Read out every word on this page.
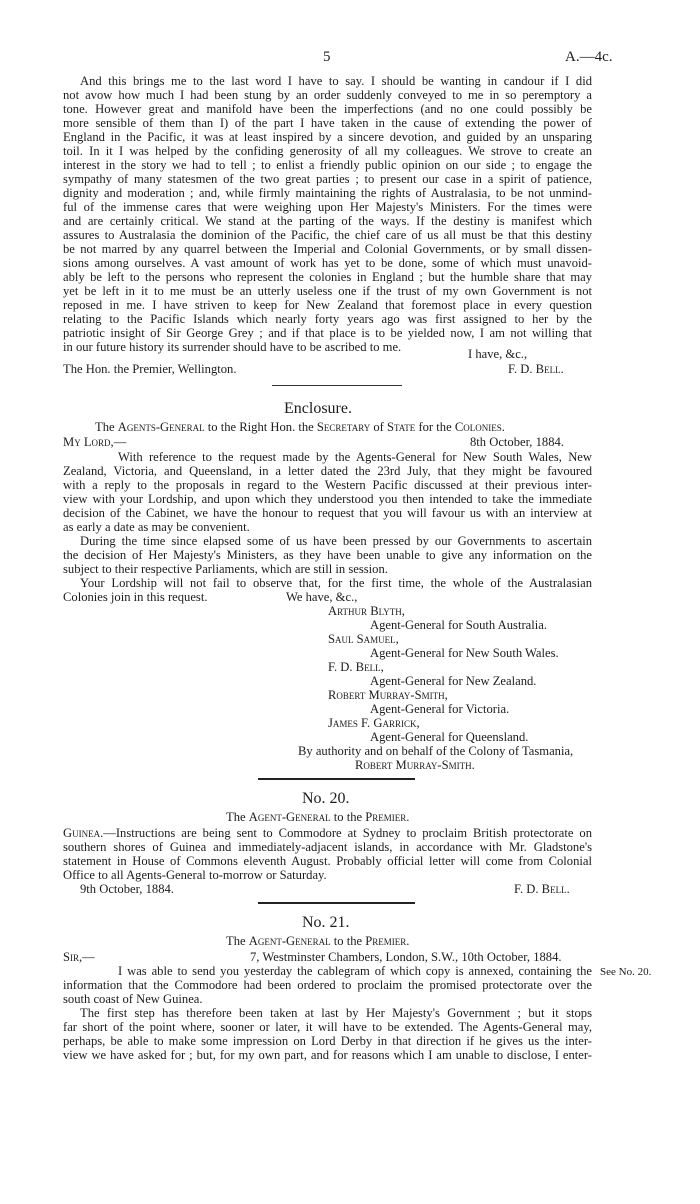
5	A.—4c.
And this brings me to the last word I have to say. I should be wanting in candour if I did
not avow how much I had been stung by an order suddenly conveyed to me in so peremptory a
tone. However great and manifold have been the imperfections (and no one could possibly be
more sensible of them than I) of the part I have taken in the cause of extending the power of
England in the Pacific, it was at least inspired by a sincere devotion, and guided by an unsparing
toil. In it I was helped by the confiding generosity of all my colleagues. We strove to create an
interest in the story we had to tell ; to enlist a friendly public opinion on our side ; to engage the
sympathy of many statesmen of the two great parties ; to present our case in a spirit of patience,
dignity and moderation ; and, while firmly maintaining the rights of Australasia, to be not unmind-
ful of the immense cares that were weighing upon Her Majesty's Ministers. For the times were
and are certainly critical. We stand at the parting of the ways. If the destiny is manifest which
assures to Australasia the dominion of the Pacific, the chief care of us all must be that this destiny
be not marred by any quarrel between the Imperial and Colonial Governments, or by small dissen-
sions among ourselves. A vast amount of work has yet to be done, some of which must unavoid-
ably be left to the persons who represent the colonies in England ; but the humble share that may
yet be left in it to me must be an utterly useless one if the trust of my own Government is not
reposed in me. I have striven to keep for New Zealand that foremost place in every question
relating to the Pacific Islands which nearly forty years ago was first assigned to her by the
patriotic insight of Sir George Grey ; and if that place is to be yielded now, I am not willing that
in our future history its surrender should have to be ascribed to me.	I have, &c.,
The Hon. the Premier, Wellington.	F. D. Bell.
Enclosure.
The Agents-General to the Right Hon. the Secretary of State for the Colonies.
My Lord,—	8th October, 1884.
With reference to the request made by the Agents-General for New South Wales, New
Zealand, Victoria, and Queensland, in a letter dated the 23rd July, that they might be favoured
with a reply to the proposals in regard to the Western Pacific discussed at their previous inter-
view with your Lordship, and upon which they understood you then intended to take the immediate
decision of the Cabinet, we have the honour to request that you will favour us with an interview at
as early a date as may be convenient.
During the time since elapsed some of us have been pressed by our Governments to ascertain
the decision of Her Majesty's Ministers, as they have been unable to give any information on the
subject to their respective Parliaments, which are still in session.
Your Lordship will not fail to observe that, for the first time, the whole of the Australasian
Colonies join in this request.	We have, &c.,
Arthur Blyth,
Agent-General for South Australia.
Saul Samuel,
Agent-General for New South Wales.
F. D. Bell,
Agent-General for New Zealand.
Robert Murray-Smith,
Agent-General for Victoria.
James F. Garrick,
Agent-General for Queensland.
By authority and on behalf of the Colony of Tasmania,
Robert Murray-Smith.
No. 20.
The Agent-General to the Premier.
Guinea.—Instructions are being sent to Commodore at Sydney to proclaim British protectorate on
southern shores of Guinea and immediately-adjacent islands, in accordance with Mr. Gladstone's
statement in House of Commons eleventh August. Probably official letter will come from Colonial
Office to all Agents-General to-morrow or Saturday.
9th October, 1884.	F. D. Bell.
No. 21.
The Agent-General to the Premier.
Sir,—	7, Westminster Chambers, London, S.W., 10th October, 1884.
I was able to send you yesterday the cablegram of which copy is annexed, containing the
information that the Commodore had been ordered to proclaim the promised protectorate over the
south coast of New Guinea.
See No. 20.
The first step has therefore been taken at last by Her Majesty's Government ; but it stops
far short of the point where, sooner or later, it will have to be extended. The Agents-General may,
perhaps, be able to make some impression on Lord Derby in that direction if he gives us the inter-
view we have asked for ; but, for my own part, and for reasons which I am unable to disclose, I enter-
